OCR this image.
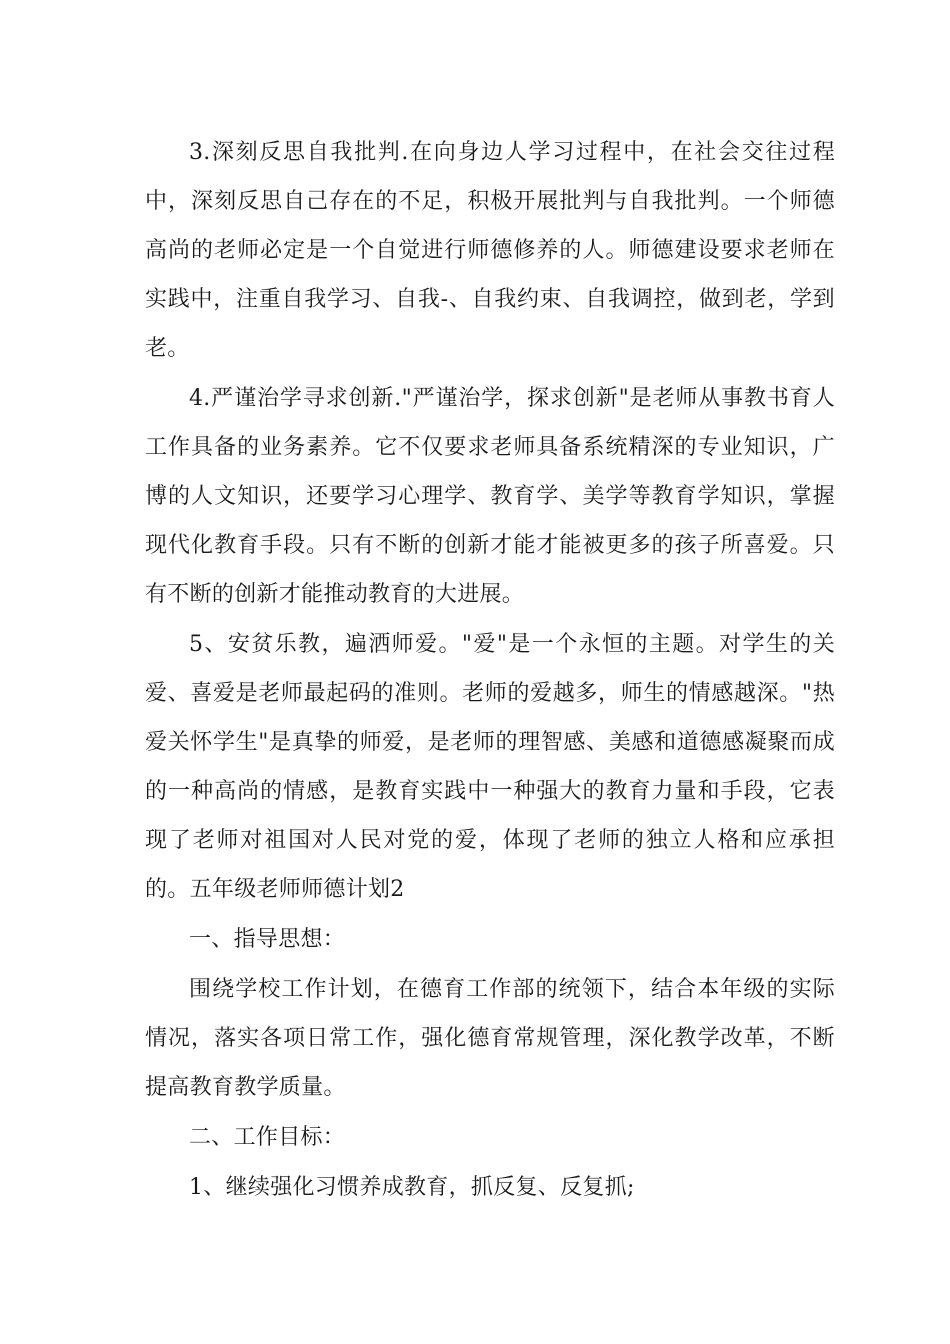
3.深刻反思自我批判.在向身边人学习过程中，在社会交往过程中，深刻反思自己存在的不足，积极开展批判与自我批判。一个师德高尚的老师必定是一个自觉进行师德修养的人。师德建设要求老师在实践中，注重自我学习、自我-、自我约束、自我调控，做到老，学到老。

4.严谨治学寻求创新."严谨治学，探求创新"是老师从事教书育人工作具备的业务素养。它不仅要求老师具备系统精深的专业知识，广博的人文知识，还要学习心理学、教育学、美学等教育学知识，掌握现代化教育手段。只有不断的创新才能才能被更多的孩子所喜爱。只有不断的创新才能推动教育的大进展。

5、安贫乐教，遍洒师爱。"爱"是一个永恒的主题。对学生的关爱、喜爱是老师最起码的准则。老师的爱越多，师生的情感越深。"热爱关怀学生"是真挚的师爱，是老师的理智感、美感和道德感凝聚而成的一种高尚的情感，是教育实践中一种强大的教育力量和手段，它表现了老师对祖国对人民对党的爱，体现了老师的独立人格和应承担的。五年级老师师德计划2

一、指导思想：

围绕学校工作计划，在德育工作部的统领下，结合本年级的实际情况，落实各项日常工作，强化德育常规管理，深化教学改革，不断提高教育教学质量。

二、工作目标：

1、继续强化习惯养成教育，抓反复、反复抓;
